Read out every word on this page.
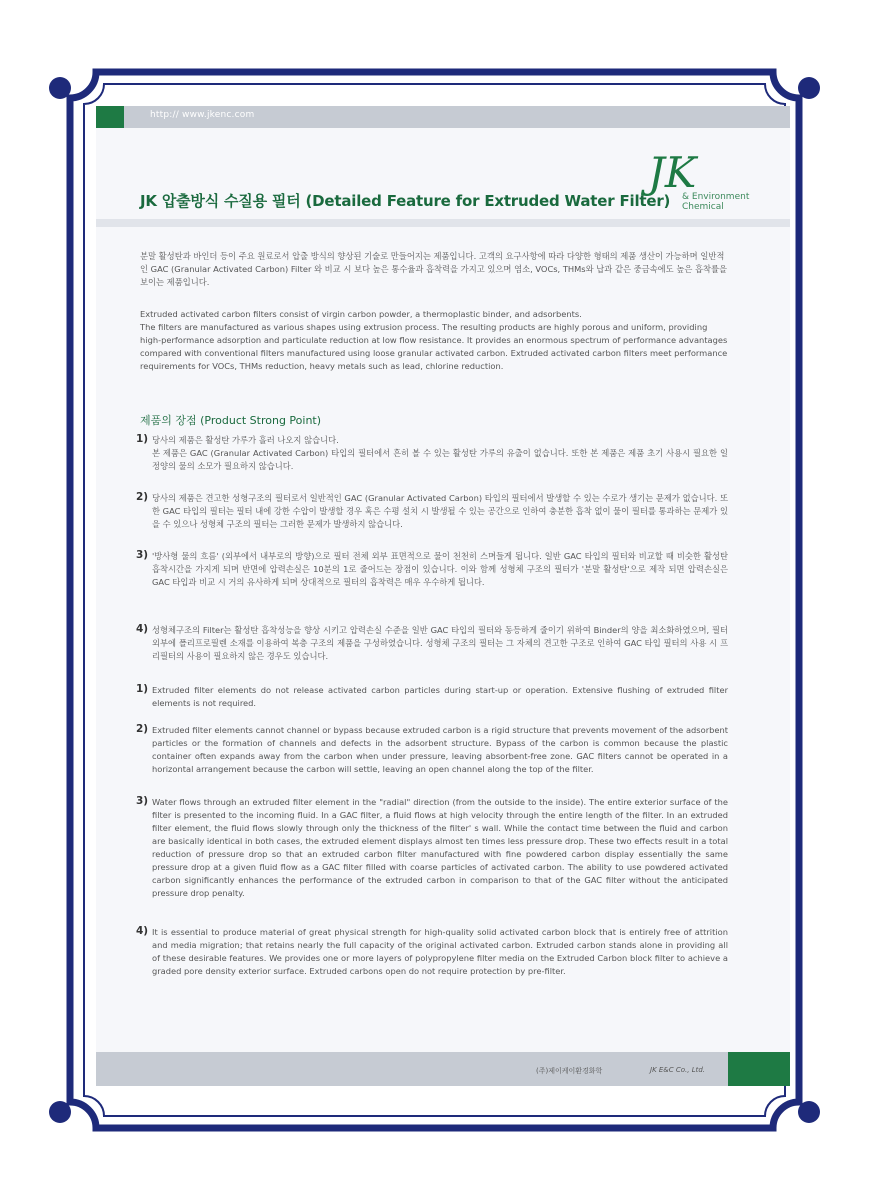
http:// www.jkenc.com
JK
& Environment
Chemical
JK 압출방식 수질용 필터 (Detailed Feature for Extruded Water Filter)

분말 활성탄과 바인더 등이 주요 원료로서 압출 방식의 향상된 기술로 만들어지는 제품입니다. 고객의 요구사항에 따라 다양한 형태의 제품 생산이 가능하며 일반적인 GAC (Granular Activated Carbon) Filter 와 비교 시 보다 높은 통수율과 흡착력을 가지고 있으며 염소, VOCs, THMs와 납과 같은 중금속에도 높은 흡착률을 보이는 제품입니다.

Extruded activated carbon filters consist of virgin carbon powder, a thermoplastic binder, and adsorbents.

The filters are manufactured as various shapes using extrusion process. The resulting products are highly porous and uniform, providing high-performance adsorption and particulate reduction at low flow resistance. It provides an enormous spectrum of performance advantages compared with conventional filters manufactured using loose granular activated carbon. Extruded activated carbon filters meet performance requirements for VOCs, THMs reduction, heavy metals such as lead, chlorine reduction.

제품의 장점 (Product Strong Point)
1) 당사의 제품은 활성탄 가루가 흘러 나오지 않습니다.

본 제품은 GAC (Granular Activated Carbon) 타입의 필터에서 흔히 볼 수 있는 활성탄 가루의 유출이 없습니다. 또한 본 제품은 제품 초기 사용시 필요한 일정양의 물의 소모가 필요하지 않습니다.

2) 당사의 제품은 견고한 성형구조의 필터로서 일반적인 GAC (Granular Activated Carbon) 타입의 필터에서 발생할 수 있는 수로가 생기는 문제가 없습니다. 또한 GAC 타입의 필터는 필터 내에 강한 수압이 발생할 경우 혹은 수평 설치 시 발생될 수 있는 공간으로 인하여 충분한 흡착 없이 물이 필터를 통과하는 문제가 있을 수 있으나 성형체 구조의 필터는 그러한 문제가 발생하지 않습니다.

3) '방사형 물의 흐름' (외부에서 내부로의 방향)으로 필터 전체 외부 표면적으로 물이 천천히 스며들게 됩니다. 일반 GAC 타입의 필터와 비교할 때 비슷한 활성탄 흡착시간을 가지게 되며 반면에 압력손실은 10분의 1로 줄어드는 장점이 있습니다. 이와 함께 성형체 구조의 필터가 '분말 활성탄'으로 제작 되면 압력손실은 GAC 타입과 비교 시 거의 유사하게 되며 상대적으로 필터의 흡착력은 매우 우수하게 됩니다.

4) 성형체구조의 Filter는 활성탄 흡착성능을 향상 시키고 압력손실 수준을 일반 GAC 타입의 필터와 동등하게 줄이기 위하여 Binder의 양을 최소화하였으며, 필터 외부에 폴리프로필렌 소재를 이용하여 복층 구조의 제품을 구성하였습니다. 성형체 구조의 필터는 그 자체의 견고한 구조로 인하여 GAC 타입 필터의 사용 시 프리필터의 사용이 필요하지 않은 경우도 있습니다.

1) Extruded filter elements do not release activated carbon particles during start-up or operation. Extensive flushing of extruded filter elements is not required.

2) Extruded filter elements cannot channel or bypass because extruded carbon is a rigid structure that prevents movement of the adsorbent particles or the formation of channels and defects in the adsorbent structure. Bypass of the carbon is common because the plastic container often expands away from the carbon when under pressure, leaving absorbent-free zone. GAC filters cannot be operated in a horizontal arrangement because the carbon will settle, leaving an open channel along the top of the filter.

3) Water flows through an extruded filter element in the "radial" direction (from the outside to the inside). The entire exterior surface of the filter is presented to the incoming fluid. In a GAC filter, a fluid flows at high velocity through the entire length of the filter. In an extruded filter element, the fluid flows slowly through only the thickness of the filter' s wall. While the contact time between the fluid and carbon are basically identical in both cases, the extruded element displays almost ten times less pressure drop. These two effects result in a total reduction of pressure drop so that an extruded carbon filter manufactured with fine powdered carbon display essentially the same pressure drop at a given fluid flow as a GAC filter filled with coarse particles of activated carbon. The ability to use powdered activated carbon significantly enhances the performance of the extruded carbon in comparison to that of the GAC filter without the anticipated pressure drop penalty.

4) It is essential to produce material of great physical strength for high-quality solid activated carbon block that is entirely free of attrition and media migration; that retains nearly the full capacity of the original activated carbon. Extruded carbon stands alone in providing all of these desirable features. We provides one or more layers of polypropylene filter media on the Extruded Carbon block filter to achieve a graded pore density exterior surface. Extruded carbons open do not require protection by pre-filter.

(주)제이케이환경화학	JK E&C Co., Ltd.
